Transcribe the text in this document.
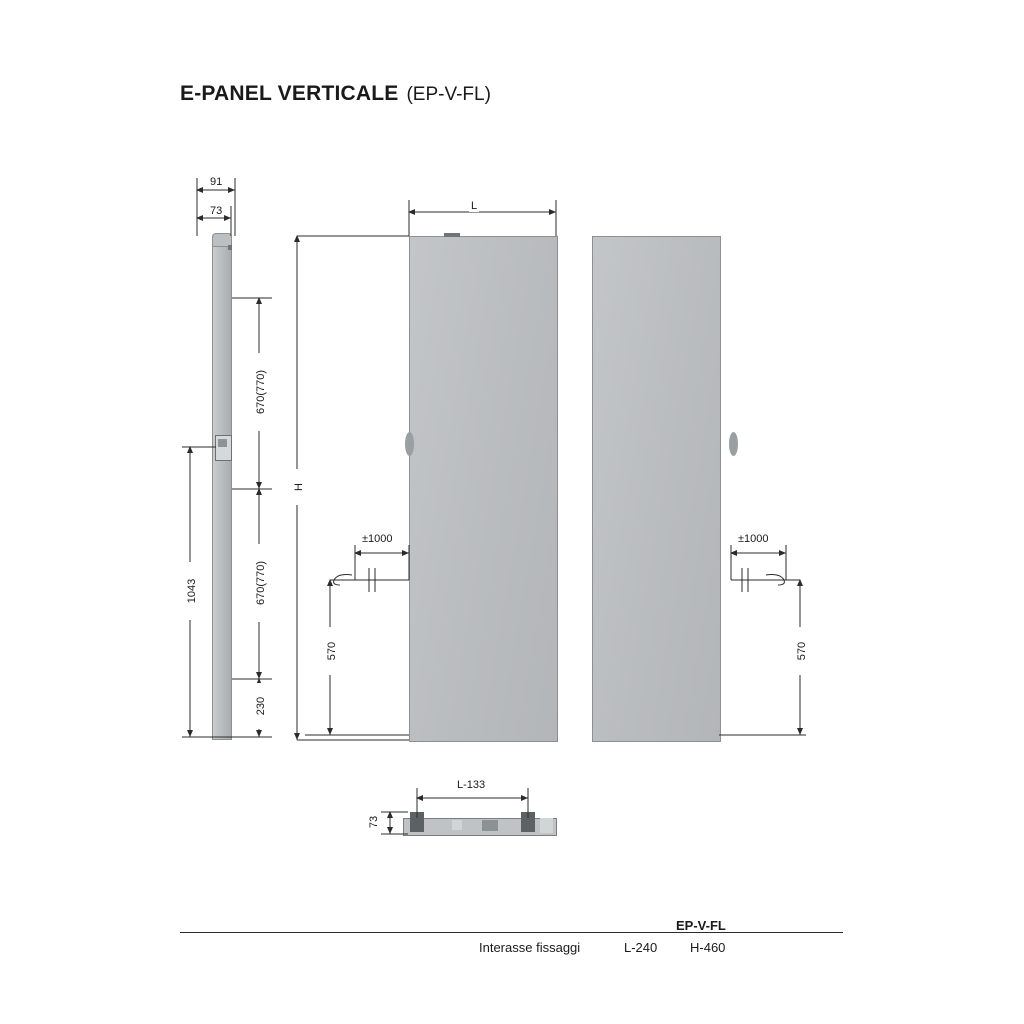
E-PANEL VERTICALE (EP-V-FL)
EP-V-FL
Interasse fissaggi	L-240	H-460
91
73
670(770)
670(770)
230
1043
H
L
±1000	±1000
570	570
L-133
73
